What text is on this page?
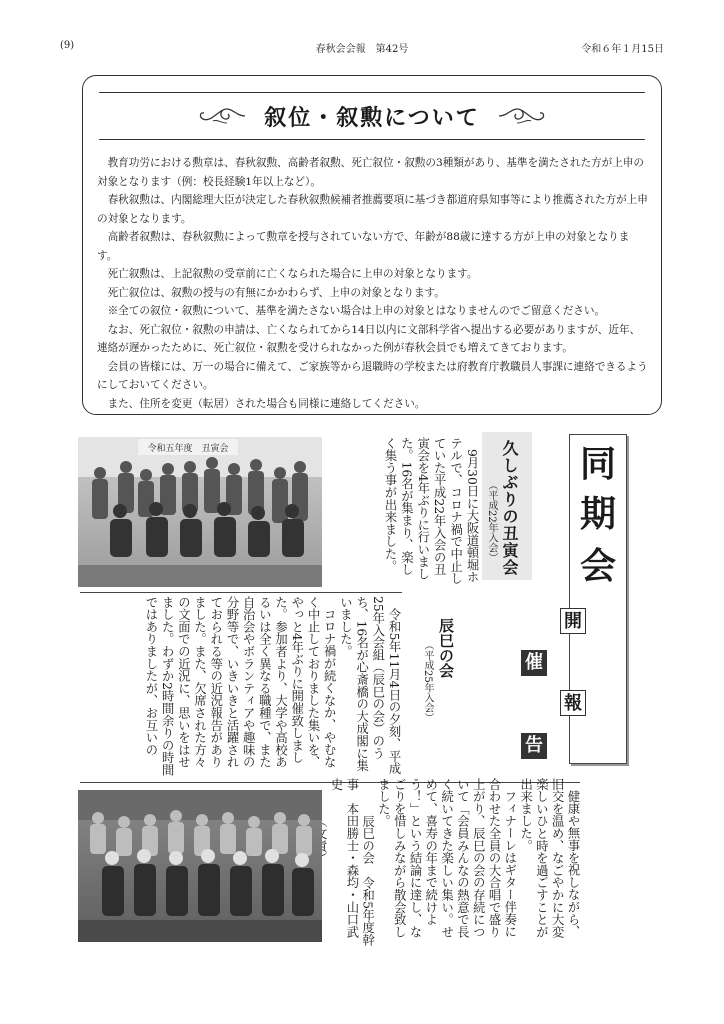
(9)	春秋会会報　第42号	令和６年１月15日
叙位・叙勲について

教育功労における勲章は、春秋叙勲、高齢者叙勲、死亡叙位・叙勲の3種類があり、基準を満たされた方が上申の対象となります（例：校長経験1年以上など）。

春秋叙勲は、内閣総理大臣が決定した春秋叙勲候補者推薦要項に基づき都道府県知事等により推薦された方が上申の対象となります。

高齢者叙勲は、春秋叙勲によって勲章を授与されていない方で、年齢が88歳に達する方が上申の対象となります。

死亡叙勲は、上記叙勲の受章前に亡くなられた場合に上申の対象となります。

死亡叙位は、叙勲の授与の有無にかかわらず、上申の対象となります。

※全ての叙位・叙勲について、基準を満たさない場合は上申の対象とはなりませんのでご留意ください。

なお、死亡叙位・叙勲の申請は、亡くなられてから14日以内に文部科学省へ提出する必要がありますが、近年、連絡が遅かったために、死亡叙位・叙勲を受けられなかった例が春秋会員でも増えてきております。

会員の皆様には、万一の場合に備えて、ご家族等から退職時の学校または府教育庁教職員人事課に連絡できるようにしておいてください。

また、住所を変更（転居）された場合も同様に連絡してください。

令和五年度　丑寅会

9月30日に大阪道頓堀ホテルで、コロナ禍で中止していた平成22年入会の丑寅会を4年ぶりに行いました。16名が集まり、楽しく集う事が出来ました。	久しぶりの丑寅会
（平成22年入会）
同
期
会
開
催
報
告
辰巳の会
（平成25年入会）

令和5年11月4日の夕刻、平成25年入会組（辰巳の会）のうち、16名が心斎橋の大成閣に集いました。

コロナ禍が続くなか、やむなく中止しておりました集いを、やっと4年ぶりに開催致しました。参加者より、大学や高校あるいは全く異なる職種で、また自治会やボランティアや趣味の分野等で、いきいきと活躍されておられる等の近況報告がありました。また、欠席された方々の文面での近況に、思いをはせました。わずか2時間余りの時間ではありましたが、お互いの

健康や無事を祝しながら、旧交を温め、なごやかに大変楽しいひと時を過ごすことが出来ました。

フィナーレはギター伴奏に合わせた全員の大合唱で盛り上がり、辰巳の会の存続について「会員みんなの熱意で長く続いてきた楽しい集い。せめて、喜寿の年まで続けよう！」という結論に達し、なごりを惜しみながら散会致しました。

辰巳の会　令和5年度幹事　本田勝士・森均・山口武史
